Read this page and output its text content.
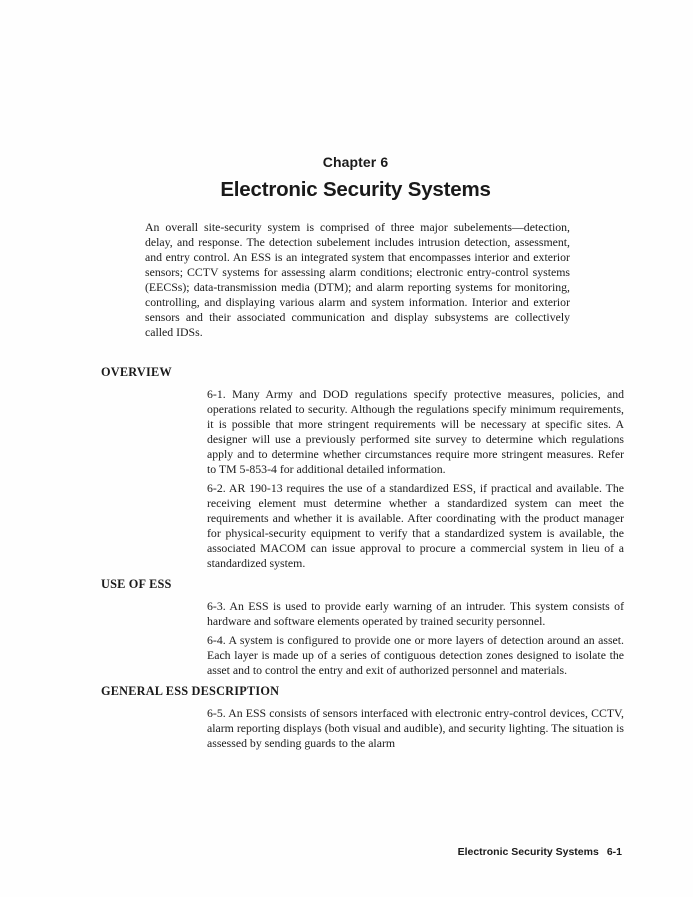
Chapter 6
Electronic Security Systems

An overall site-security system is comprised of three major subelements—detection, delay, and response. The detection subelement includes intrusion detection, assessment, and entry control. An ESS is an integrated system that encompasses interior and exterior sensors; CCTV systems for assessing alarm conditions; electronic entry-control systems (EECSs); data-transmission media (DTM); and alarm reporting systems for monitoring, controlling, and displaying various alarm and system information. Interior and exterior sensors and their associated communication and display subsystems are collectively called IDSs.

OVERVIEW

6-1. Many Army and DOD regulations specify protective measures, policies, and operations related to security. Although the regulations specify minimum requirements, it is possible that more stringent requirements will be necessary at specific sites. A designer will use a previously performed site survey to determine which regulations apply and to determine whether circumstances require more stringent measures. Refer to TM 5-853-4 for additional detailed information.

6-2. AR 190-13 requires the use of a standardized ESS, if practical and available. The receiving element must determine whether a standardized system can meet the requirements and whether it is available. After coordinating with the product manager for physical-security equipment to verify that a standardized system is available, the associated MACOM can issue approval to procure a commercial system in lieu of a standardized system.

USE OF ESS

6-3. An ESS is used to provide early warning of an intruder. This system consists of hardware and software elements operated by trained security personnel.

6-4. A system is configured to provide one or more layers of detection around an asset. Each layer is made up of a series of contiguous detection zones designed to isolate the asset and to control the entry and exit of authorized personnel and materials.

GENERAL ESS DESCRIPTION

6-5. An ESS consists of sensors interfaced with electronic entry-control devices, CCTV, alarm reporting displays (both visual and audible), and security lighting. The situation is assessed by sending guards to the alarm

Electronic Security Systems 6-1
